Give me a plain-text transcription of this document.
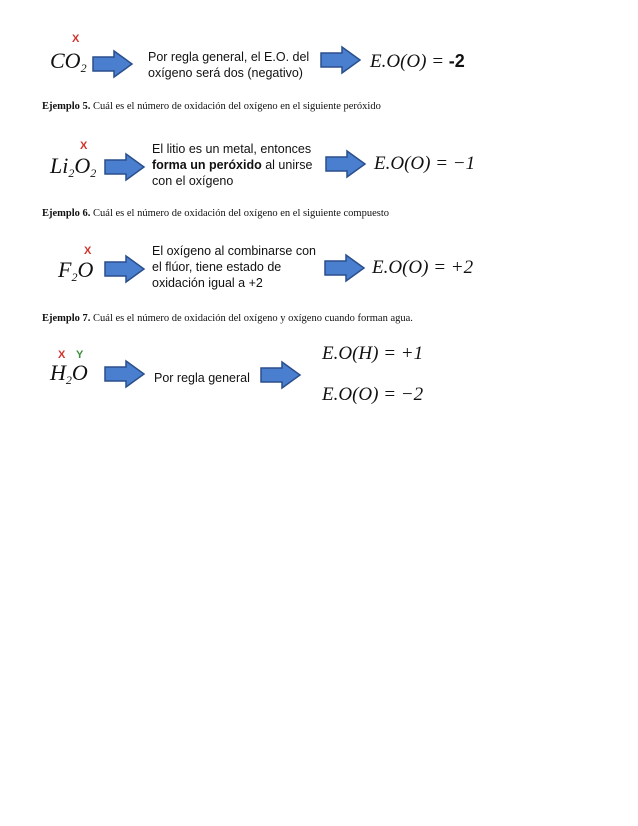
X
$CO_2$
Por regla general, el E.O. del
oxígeno será dos (negativo)
E.O(O) = -2
Ejemplo 5. Cuál es el número de oxidación del oxígeno en el siguiente peróxido
X
$Li_2O_2$
El litio es un metal, entonces
forma un peróxido al unirse
con el oxígeno
E.O(O) = −1
Ejemplo 6. Cuál es el número de oxidación del oxígeno en el siguiente compuesto
X
$F_2O$
El oxígeno al combinarse con
el flúor, tiene estado de
oxidación igual a +2
E.O(O) = +2
Ejemplo 7. Cuál es el número de oxidación del oxígeno y oxígeno cuando forman agua.
X Y
$H_2O$	Por regla general
E.O(H) = +1
E.O(O) = −2
